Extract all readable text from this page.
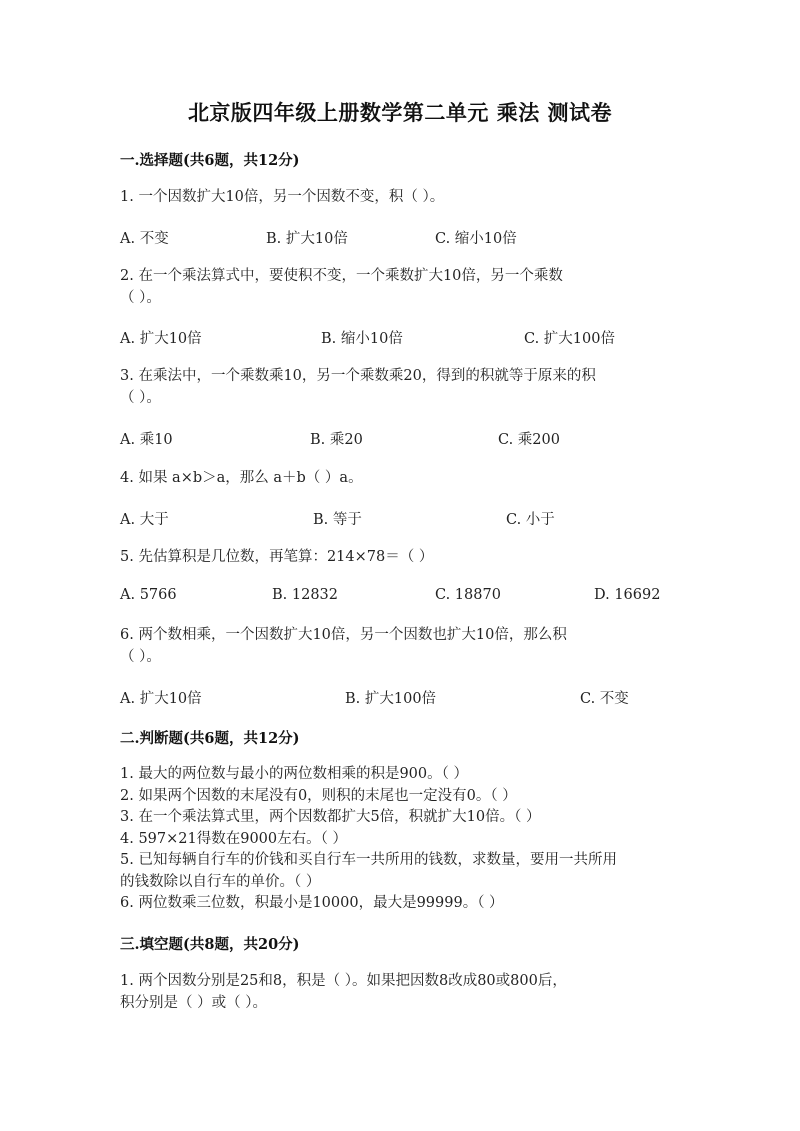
北京版四年级上册数学第二单元 乘法 测试卷
一.选择题(共6题，共12分)
1. 一个因数扩大10倍，另一个因数不变，积（ ）。
A. 不变	B. 扩大10倍	C. 缩小10倍
2. 在一个乘法算式中，要使积不变，一个乘数扩大10倍，另一个乘数
（ ）。
A. 扩大10倍	B. 缩小10倍	C. 扩大100倍
3. 在乘法中，一个乘数乘10，另一个乘数乘20，得到的积就等于原来的积
（ ）。
A. 乘10	B. 乘20	C. 乘200
4. 如果 a×b＞a，那么 a＋b（ ）a。
A. 大于	B. 等于	C. 小于
5. 先估算积是几位数，再笔算：214×78＝（ ）
A. 5766	B. 12832	C. 18870	D. 16692
6. 两个数相乘，一个因数扩大10倍，另一个因数也扩大10倍，那么积
（ ）。
A. 扩大10倍	B. 扩大100倍	C. 不变
二.判断题(共6题，共12分)
1. 最大的两位数与最小的两位数相乘的积是900。（ ）
2. 如果两个因数的末尾没有0，则积的末尾也一定没有0。（ ）
3. 在一个乘法算式里，两个因数都扩大5倍，积就扩大10倍。（ ）
4. 597×21得数在9000左右。（ ）
5. 已知每辆自行车的价钱和买自行车一共所用的钱数，求数量，要用一共所用
的钱数除以自行车的单价。（ ）
6. 两位数乘三位数，积最小是10000，最大是99999。（ ）
三.填空题(共8题，共20分)
1. 两个因数分别是25和8，积是（ ）。如果把因数8改成80或800后，
积分别是（ ）或（ ）。
